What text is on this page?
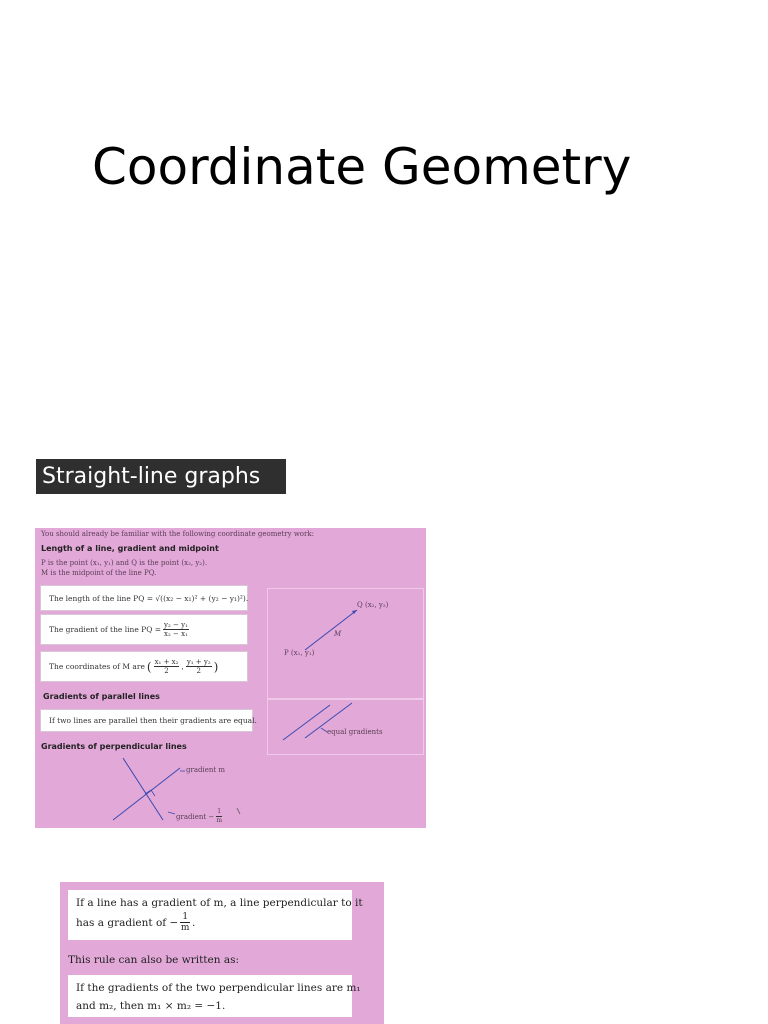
Coordinate Geometry
Straight-line graphs
You should already be familiar with the following coordinate geometry work:
Length of a line, gradient and midpoint
P is the point (x₁, y₁) and Q is the point (x₂, y₂).
M is the midpoint of the line PQ.
The length of the line PQ = √((x₂ − x₁)² + (y₂ − y₁)²).
The gradient of the line PQ = $\frac{\text{y₂ − y₁}}{\text{x₂ − x₁}}$
The coordinates of M are ( $\frac{\text{x₁ + x₂}}{2}$ , $\frac{\text{y₁ + y₂}}{2}$ )
Gradients of parallel lines
If two lines are parallel then their gradients are equal.
Gradients of perpendicular lines
Q (x₂, y₂)
M
P (x₁, y₁)
equal gradients
gradient m
gradient − $\frac{1}{m}$
If a line has a gradient of m, a line perpendicular to it
has a gradient of − $\frac{1}{m}$ .
This rule can also be written as:
If the gradients of the two perpendicular lines are m₁
and m₂, then m₁ × m₂ = −1.
